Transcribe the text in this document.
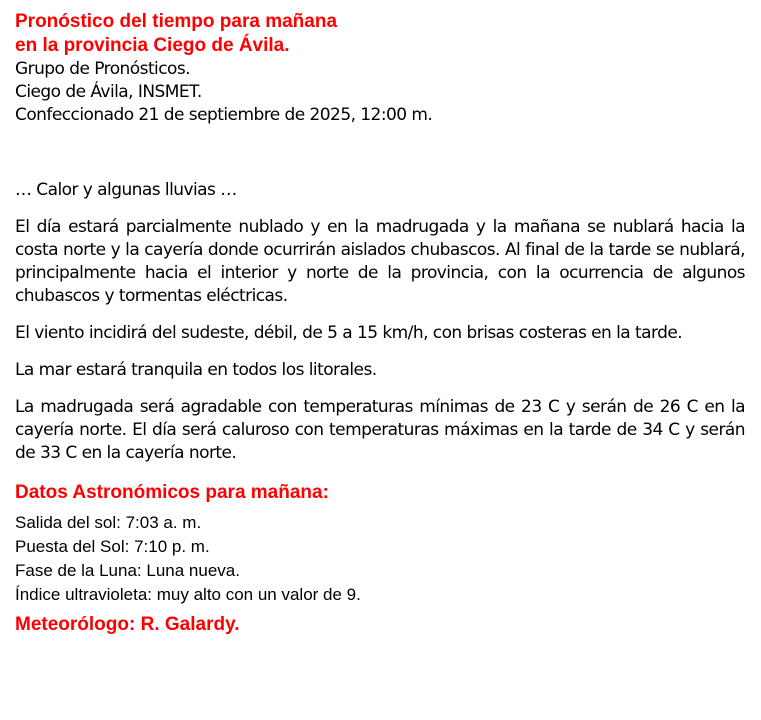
Pronóstico del tiempo para mañana
en la provincia Ciego de Ávila.
Grupo de Pronósticos.
Ciego de Ávila, INSMET.
Confeccionado 21 de septiembre de 2025, 12:00 m.

… Calor y algunas lluvias …

El día estará parcialmente nublado y en la madrugada y la mañana se nublará hacia la costa norte y la cayería donde ocurrirán aislados chubascos. Al final de la tarde se nublará, principalmente hacia el interior y norte de la provincia, con la ocurrencia de algunos chubascos y tormentas eléctricas.

El viento incidirá del sudeste, débil, de 5 a 15 km/h, con brisas costeras en la tarde.

La mar estará tranquila en todos los litorales.

La madrugada será agradable con temperaturas mínimas de 23 C y serán de 26 C en la cayería norte. El día será caluroso con temperaturas máximas en la tarde de 34 C y serán de 33 C en la cayería norte.

Datos Astronómicos para mañana:
Salida del sol: 7:03 a. m.
Puesta del Sol: 7:10 p. m.
Fase de la Luna: Luna nueva.
Índice ultravioleta: muy alto con un valor de 9.
Meteorólogo: R. Galardy.
